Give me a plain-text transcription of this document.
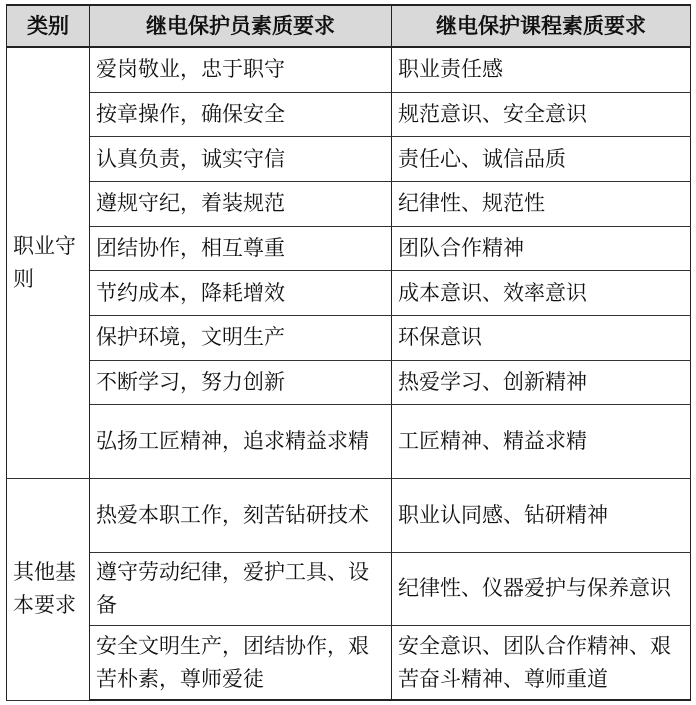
类别	继电保护员素质要求	继电保护课程素质要求
职业守则	爱岗敬业，忠于职守	职业责任感
	按章操作，确保安全	规范意识、安全意识
	认真负责，诚实守信	责任心、诚信品质
	遵规守纪，着装规范	纪律性、规范性
	团结协作，相互尊重	团队合作精神
	节约成本，降耗增效	成本意识、效率意识
	保护环境，文明生产	环保意识
	不断学习，努力创新	热爱学习、创新精神
	弘扬工匠精神，追求精益求精	工匠精神、精益求精
其他基本要求	热爱本职工作，刻苦钻研技术	职业认同感、钻研精神
	遵守劳动纪律，爱护工具、设备	纪律性、仪器爱护与保养意识
	安全文明生产，团结协作，艰苦朴素，尊师爱徒	安全意识、团队合作精神、艰苦奋斗精神、尊师重道
